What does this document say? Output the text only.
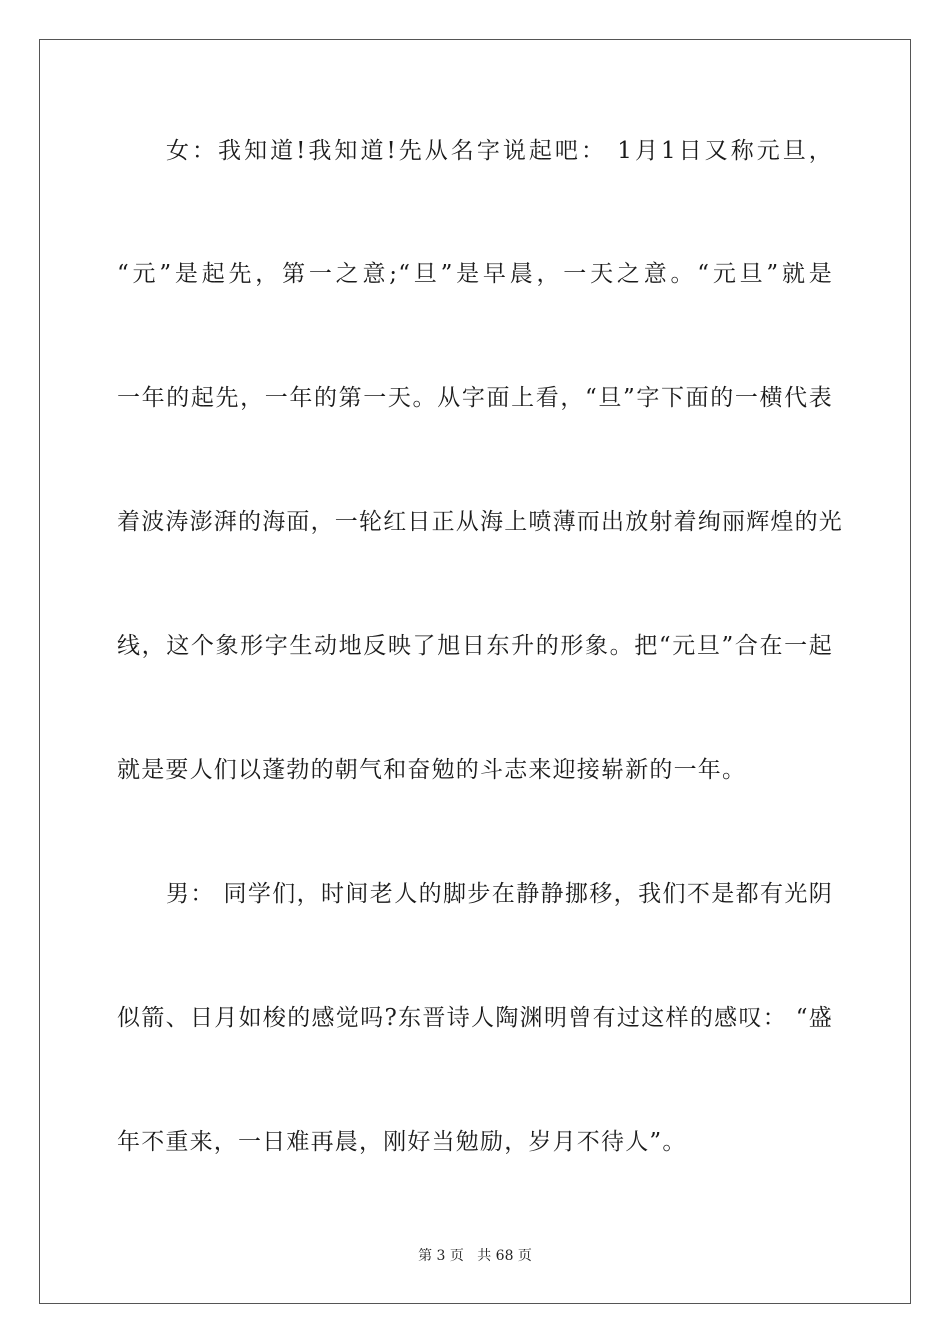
女：我知道!我知道!先从名字说起吧： 1月1日又称元旦，
“元”是起先，第一之意;“旦”是早晨，一天之意。“元旦”就是
一年的起先，一年的第一天。从字面上看，“旦”字下面的一横代表
着波涛澎湃的海面，一轮红日正从海上喷薄而出放射着绚丽辉煌的光
线，这个象形字生动地反映了旭日东升的形象。把“元旦”合在一起
就是要人们以蓬勃的朝气和奋勉的斗志来迎接崭新的一年。
男： 同学们，时间老人的脚步在静静挪移，我们不是都有光阴
似箭、日月如梭的感觉吗?东晋诗人陶渊明曾有过这样的感叹： “盛
年不重来，一日难再晨，刚好当勉励，岁月不待人”。
第 3 页   共 68 页
